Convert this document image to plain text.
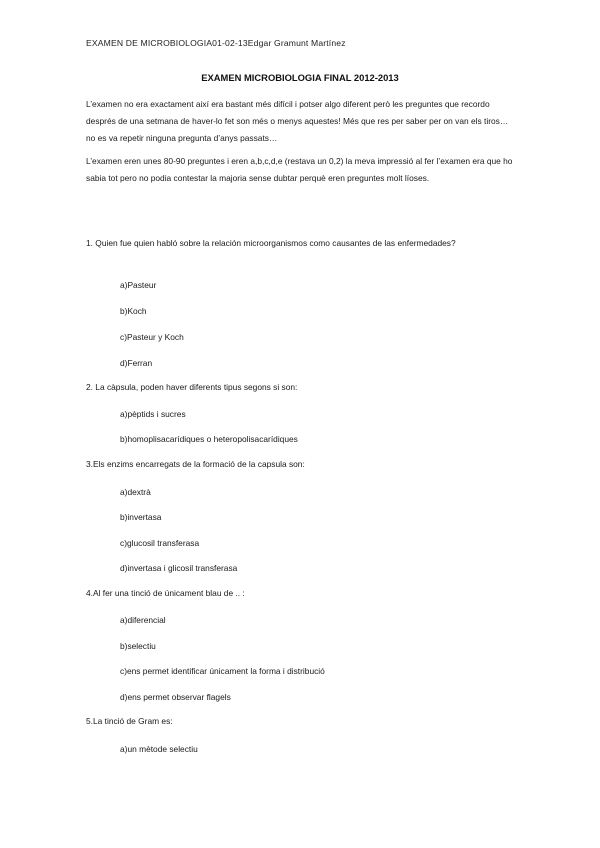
EXAMEN DE MICROBIOLOGIA01-02-13Edgar Gramunt Martínez
EXAMEN MICROBIOLOGIA FINAL 2012-2013
L’examen no era exactament així era bastant més difícil i potser algo diferent però les preguntes que recordo després de una setmana de haver-lo fet son més o menys aquestes! Més que res per saber per on van els tiros… no es va repetir ninguna pregunta d’anys passats…
L’examen eren unes 80-90 preguntes i eren a,b,c,d,e (restava un 0,2) la meva impressió al fer l’examen era que ho sabia tot pero no podia contestar la majoria sense dubtar perquè eren preguntes molt líoses.
1. Quien fue quien habló sobre la relación microorganismos como causantes de las enfermedades?
a)Pasteur
b)Koch
c)Pasteur y Koch
d)Ferran
2. La càpsula, poden haver diferents tipus segons si son:
a)pèptids i sucres
b)homoplisacarídiques o heteropolisacarídiques
3.Els enzims encarregats de la formació de la capsula son:
a)dextrà
b)invertasa
c)glucosil transferasa
d)invertasa i glicosil transferasa
4.Al fer una tinció de únicament blau de .. :
a)diferencial
b)selectiu
c)ens permet identificar únicament la forma i distribució
d)ens permet observar flagels
5.La tinció de Gram es:
a)un mètode selectiu
